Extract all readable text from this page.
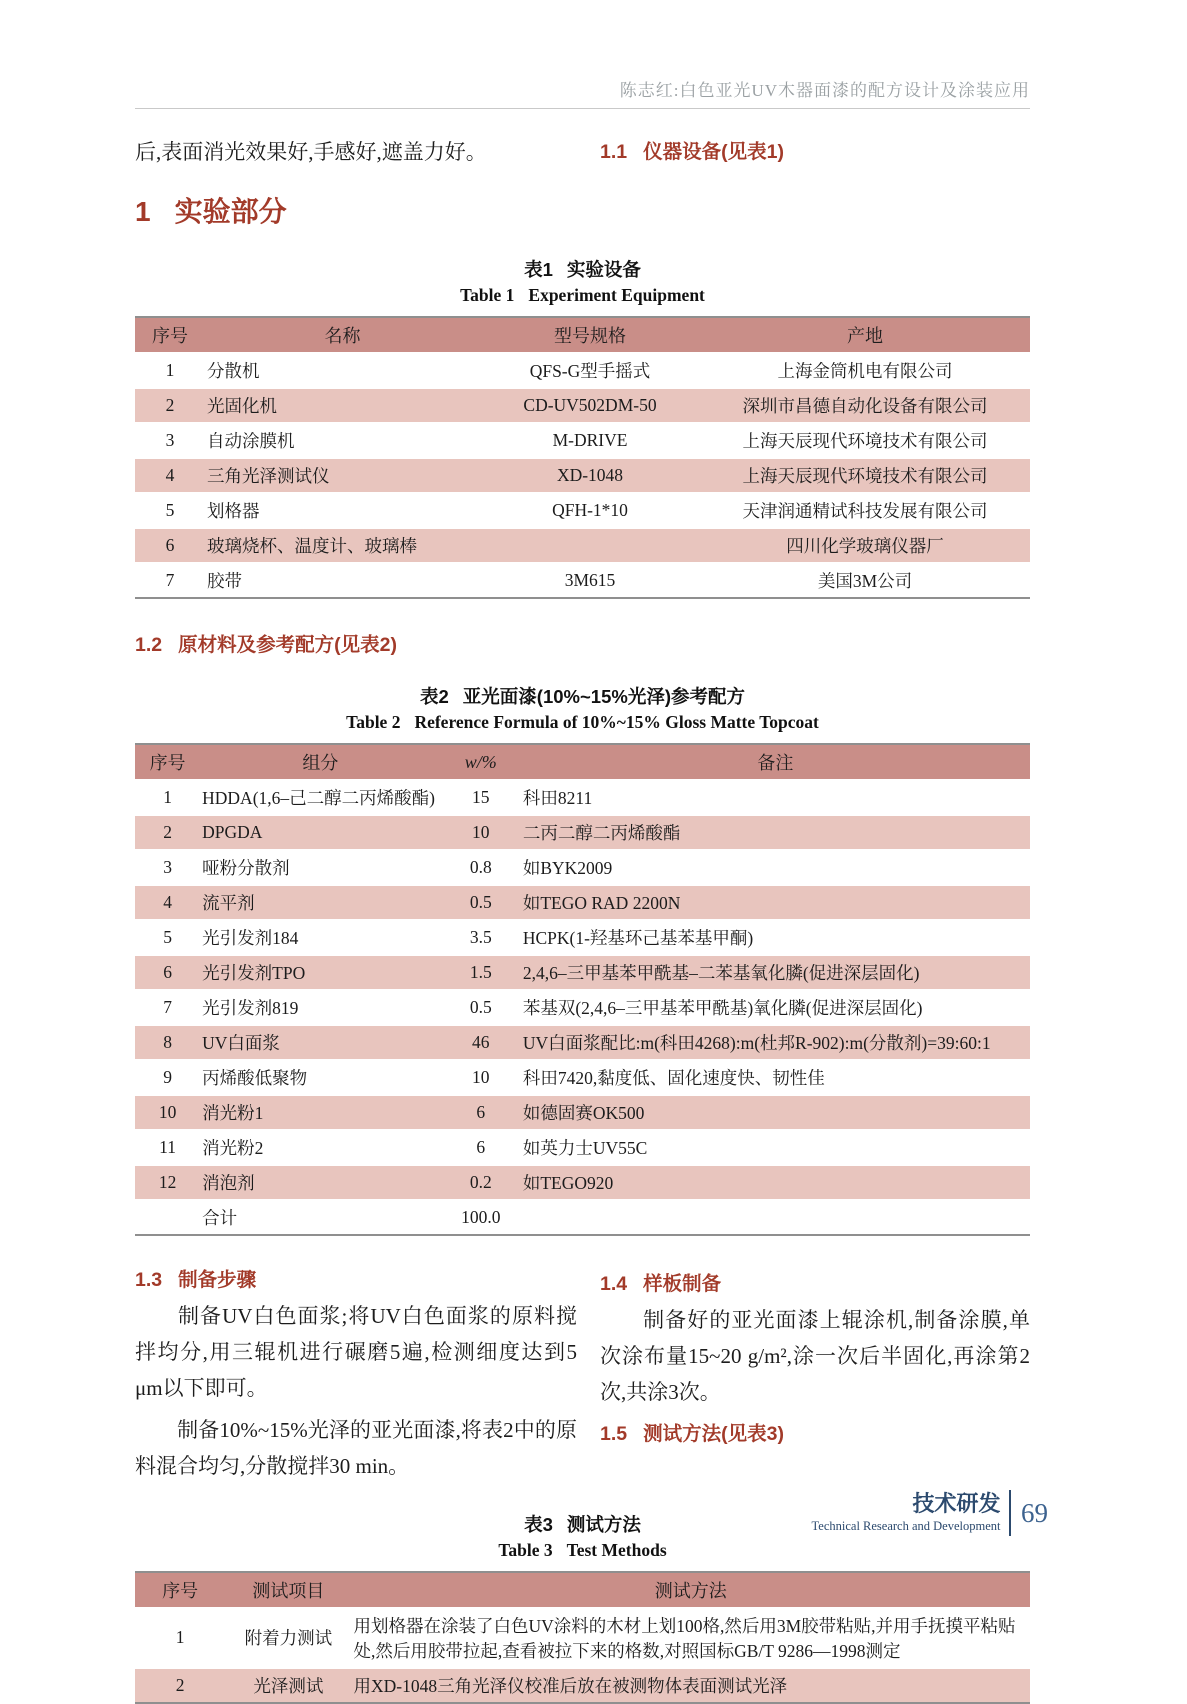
陈志红:白色亚光UV木器面漆的配方设计及涂装应用
后,表面消光效果好,手感好,遮盖力好。	1.1 仪器设备(见表1)
1 实验部分
表1 实验设备
Table 1 Experiment Equipment
序号	名称	型号规格	产地
1	分散机	QFS-G型手摇式	上海金筒机电有限公司
2	光固化机	CD-UV502DM-50	深圳市昌德自动化设备有限公司
3	自动涂膜机	M-DRIVE	上海天辰现代环境技术有限公司
4	三角光泽测试仪	XD-1048	上海天辰现代环境技术有限公司
5	划格器	QFH-1*10	天津润通精试科技发展有限公司
6	玻璃烧杯、温度计、玻璃棒		四川化学玻璃仪器厂
7	胶带	3M615	美国3M公司
1.2 原材料及参考配方(见表2)
表2 亚光面漆(10%~15%光泽)参考配方
Table 2 Reference Formula of 10%~15% Gloss Matte Topcoat
序号	组分	w/%	备注
1	HDDA(1,6–己二醇二丙烯酸酯)	15	科田8211
2	DPGDA	10	二丙二醇二丙烯酸酯
3	哑粉分散剂	0.8	如BYK2009
4	流平剂	0.5	如TEGO RAD 2200N
5	光引发剂184	3.5	HCPK(1-羟基环己基苯基甲酮)
6	光引发剂TPO	1.5	2,4,6–三甲基苯甲酰基–二苯基氧化膦(促进深层固化)
7	光引发剂819	0.5	苯基双(2,4,6–三甲基苯甲酰基)氧化膦(促进深层固化)
8	UV白面浆	46	UV白面浆配比:m(科田4268):m(杜邦R-902):m(分散剂)=39:60:1
9	丙烯酸低聚物	10	科田7420,黏度低、固化速度快、韧性佳
10	消光粉1	6	如德固赛OK500
11	消光粉2	6	如英力士UV55C
12	消泡剂	0.2	如TEGO920
	合计	100.0	
1.3 制备步骤
制备UV白色面浆;将UV白色面浆的原料搅拌均分,用三辊机进行碾磨5遍,检测细度达到5 μm以下即可。
制备10%~15%光泽的亚光面漆,将表2中的原料混合均匀,分散搅拌30 min。
1.4 样板制备
制备好的亚光面漆上辊涂机,制备涂膜,单次涂布量15~20 g/m²,涂一次后半固化,再涂第2次,共涂3次。
1.5 测试方法(见表3)
表3 测试方法
Table 3 Test Methods
序号	测试项目	测试方法
1	附着力测试	用划格器在涂装了白色UV涂料的木材上划100格,然后用3M胶带粘贴,并用手抚摸平粘贴处,然后用胶带拉起,查看被拉下来的格数,对照国标GB/T 9286—1998测定
2	光泽测试	用XD-1048三角光泽仪校准后放在被测物体表面测试光泽
技术研发
Technical Research and Development 69
